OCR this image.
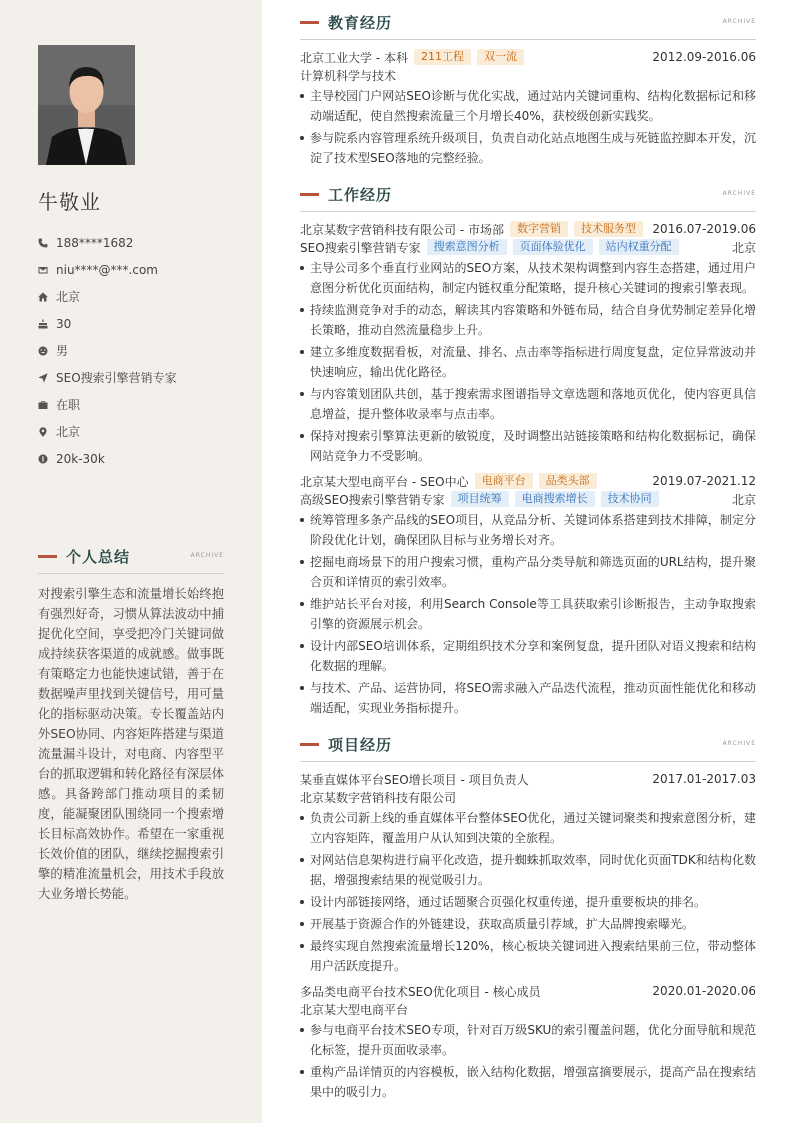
牛敬业
188****1682
niu****@***.com
北京
30
男
SEO搜索引擎营销专家
在职
北京
20k-30k
个人总结	ARCHIVE

对搜索引擎生态和流量增长始终抱有强烈好奇，习惯从算法波动中捕捉优化空间，享受把冷门关键词做成持续获客渠道的成就感。做事既有策略定力也能快速试错，善于在数据噪声里找到关键信号，用可量化的指标驱动决策。专长覆盖站内外SEO协同、内容矩阵搭建与渠道流量漏斗设计，对电商、内容型平台的抓取逻辑和转化路径有深层体感。具备跨部门推动项目的柔韧度，能凝聚团队围绕同一个搜索增长目标高效协作。希望在一家重视长效价值的团队，继续挖掘搜索引擎的精准流量机会，用技术手段放大业务增长势能。

教育经历	ARCHIVE
北京工业大学 - 本科	211工程	双一流	2012.09-2016.06
计算机科学与技术
主导校园门户网站SEO诊断与优化实战，通过站内关键词重构、结构化数据标记和移动端适配，使自然搜索流量三个月增长40%，获校级创新实践奖。
参与院系内容管理系统升级项目，负责自动化站点地图生成与死链监控脚本开发，沉淀了技术型SEO落地的完整经验。
工作经历	ARCHIVE
北京某数字营销科技有限公司 - 市场部	数字营销	技术服务型	2016.07-2019.06
SEO搜索引擎营销专家	搜索意图分析	页面体验优化	站内权重分配	北京
主导公司多个垂直行业网站的SEO方案，从技术架构调整到内容生态搭建，通过用户意图分析优化页面结构，制定内链权重分配策略，提升核心关键词的搜索引擎表现。
持续监测竞争对手的动态，解读其内容策略和外链布局，结合自身优势制定差异化增长策略，推动自然流量稳步上升。
建立多维度数据看板，对流量、排名、点击率等指标进行周度复盘，定位异常波动并快速响应，输出优化路径。
与内容策划团队共创，基于搜索需求图谱指导文章选题和落地页优化，使内容更具信息增益，提升整体收录率与点击率。
保持对搜索引擎算法更新的敏锐度，及时调整出站链接策略和结构化数据标记，确保网站竞争力不受影响。
北京某大型电商平台 - SEO中心	电商平台	品类头部	2019.07-2021.12
高级SEO搜索引擎营销专家	项目统筹	电商搜索增长	技术协同	北京
统筹管理多条产品线的SEO项目，从竞品分析、关键词体系搭建到技术排障，制定分阶段优化计划，确保团队目标与业务增长对齐。
挖掘电商场景下的用户搜索习惯，重构产品分类导航和筛选页面的URL结构，提升聚合页和详情页的索引效率。
维护站长平台对接，利用Search Console等工具获取索引诊断报告，主动争取搜索引擎的资源展示机会。
设计内部SEO培训体系，定期组织技术分享和案例复盘，提升团队对语义搜索和结构化数据的理解。
与技术、产品、运营协同，将SEO需求融入产品迭代流程，推动页面性能优化和移动端适配，实现业务指标提升。
项目经历	ARCHIVE
某垂直媒体平台SEO增长项目 - 项目负责人	2017.01-2017.03
北京某数字营销科技有限公司
负责公司新上线的垂直媒体平台整体SEO优化，通过关键词聚类和搜索意图分析，建立内容矩阵，覆盖用户从认知到决策的全旅程。
对网站信息架构进行扁平化改造，提升蜘蛛抓取效率，同时优化页面TDK和结构化数据，增强搜索结果的视觉吸引力。
设计内部链接网络，通过话题聚合页强化权重传递，提升重要板块的排名。
开展基于资源合作的外链建设，获取高质量引荐域，扩大品牌搜索曝光。
最终实现自然搜索流量增长120%，核心板块关键词进入搜索结果前三位，带动整体用户活跃度提升。
多品类电商平台技术SEO优化项目 - 核心成员	2020.01-2020.06
北京某大型电商平台
参与电商平台技术SEO专项，针对百万级SKU的索引覆盖问题，优化分面导航和规范化标签，提升页面收录率。
重构产品详情页的内容模板，嵌入结构化数据，增强富摘要展示，提高产品在搜索结果中的吸引力。
